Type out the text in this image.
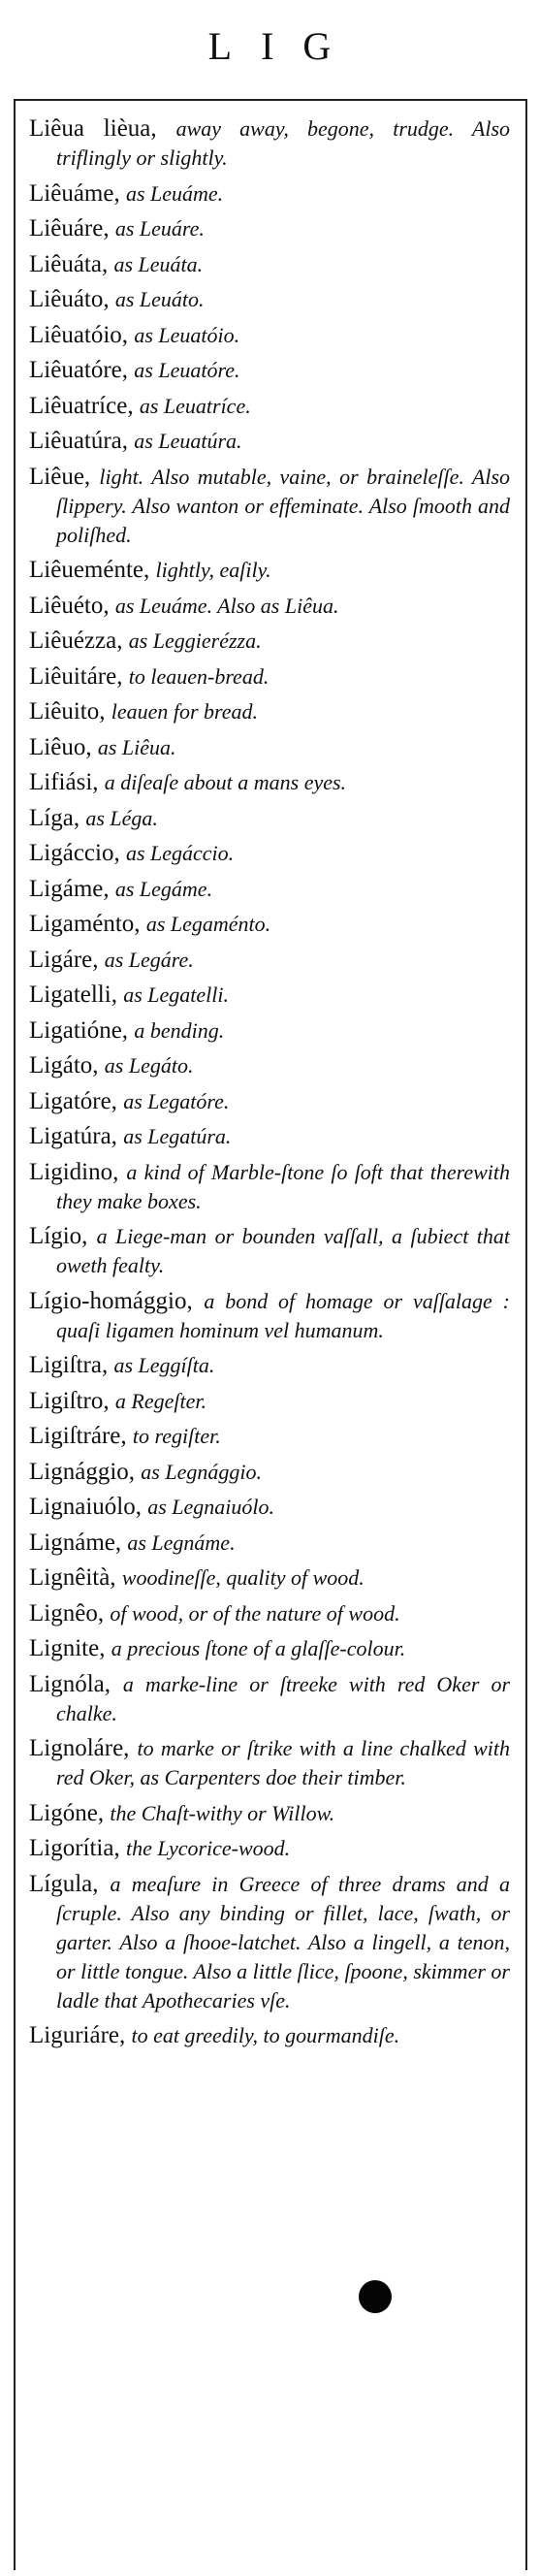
LIG

Liêua lièua, away away, begone, trudge. Also triflingly or slightly.

Liêuáme, as Leuáme.

Liêuáre, as Leuáre.

Liêuáta, as Leuáta.

Liêuáto, as Leuáto.

Liêuatóio, as Leuatóio.

Liêuatóre, as Leuatóre.

Liêuatríce, as Leuatríce.

Liêuatúra, as Leuatúra.

Liêue, light. Also mutable, vaine, or braineleſſe. Also ſlippery. Also wanton or effeminate. Also ſmooth and poliſhed.

Liêueménte, lightly, eaſily.

Liêuéto, as Leuáme. Also as Liêua.

Liêuézza, as Leggierézza.

Liêuitáre, to leauen-bread.

Liêuito, leauen for bread.

Liêuo, as Liêua.

Lifiási, a diſeaſe about a mans eyes.

Líga, as Léga.

Ligáccio, as Legáccio.

Ligáme, as Legáme.

Ligaménto, as Legaménto.

Ligáre, as Legáre.

Ligatelli, as Legatelli.

Ligatióne, a bending.

Ligáto, as Legáto.

Ligatóre, as Legatóre.

Ligatúra, as Legatúra.

Ligidino, a kind of Marble-ſtone ſo ſoft that therewith they make boxes.

Lígio, a Liege-man or bounden vaſſall, a ſubiect that oweth fealty.

Lígio-homággio, a bond of homage or vaſſalage : quaſi ligamen hominum vel humanum.

Ligiſtra, as Leggíſta.

Ligiſtro, a Regeſter.

Ligiſtráre, to regiſter.

Lignággio, as Legnággio.

Lignaiuólo, as Legnaiuólo.

Lignáme, as Legnáme.

Lignêità, woodineſſe, quality of wood.

Lignêo, of wood, or of the nature of wood.

Lignite, a precious ſtone of a glaſſe-colour.

Lignóla, a marke-line or ſtreeke with red Oker or chalke.

Lignoláre, to marke or ſtrike with a line chalked with red Oker, as Carpenters doe their timber.

Ligóne, the Chaſt-withy or Willow.

Ligorítia, the Lycorice-wood.

Lígula, a meaſure in Greece of three drams and a ſcruple. Also any binding or fillet, lace, ſwath, or garter. Also a ſhooe-latchet. Also a lingell, a tenon, or little tongue. Also a little ſlice, ſpoone, skimmer or ladle that Apothecaries vſe.

Liguriáre, to eat greedily, to gourmandiſe.
